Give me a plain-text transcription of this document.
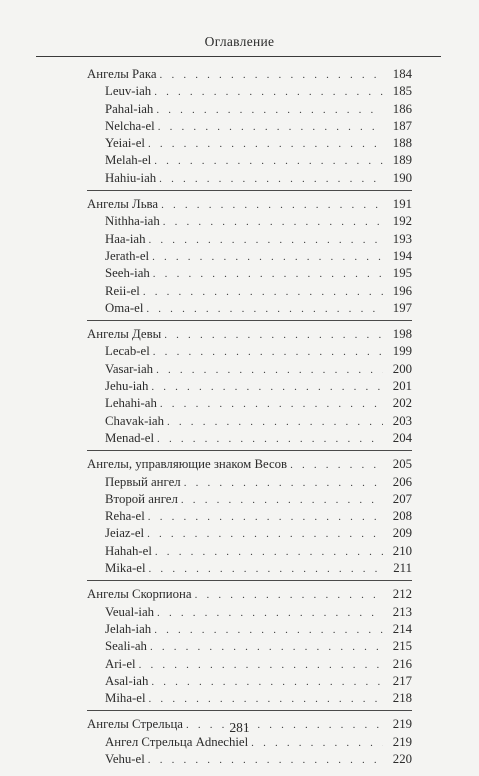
Оглавление
Ангелы Рака . . .	184
Leuv-iah . . .	185
Pahal-iah . . .	186
Nelcha-el . . .	187
Yeiai-el . . .	188
Melah-el . . .	189
Hahiu-iah . . .	190
Ангелы Льва . . .	191
Nithha-iah . . .	192
Haa-iah . . .	193
Jerath-el . . .	194
Seeh-iah . . .	195
Reii-el . . .	196
Oma-el . . .	197
Ангелы Девы . . .	198
Lecab-el . . .	199
Vasar-iah . . .	200
Jehu-iah . . .	201
Lehahi-ah . . .	202
Chavak-iah . . .	203
Menad-el . . .	204
Ангелы, управляющие знаком Весов . . .	205
Первый ангел . . .	206
Второй ангел . . .	207
Reha-el . . .	208
Jeiaz-el . . .	209
Hahah-el . . .	210
Mika-el . . .	211
Ангелы Скорпиона . . .	212
Veual-iah . . .	213
Jelah-iah . . .	214
Seali-ah . . .	215
Ari-el . . .	216
Asal-iah . . .	217
Miha-el . . .	218
Ангелы Стрельца . . .	219
Ангел Стрельца Adnechiel . . .	219
Vehu-el . . .	220
281
